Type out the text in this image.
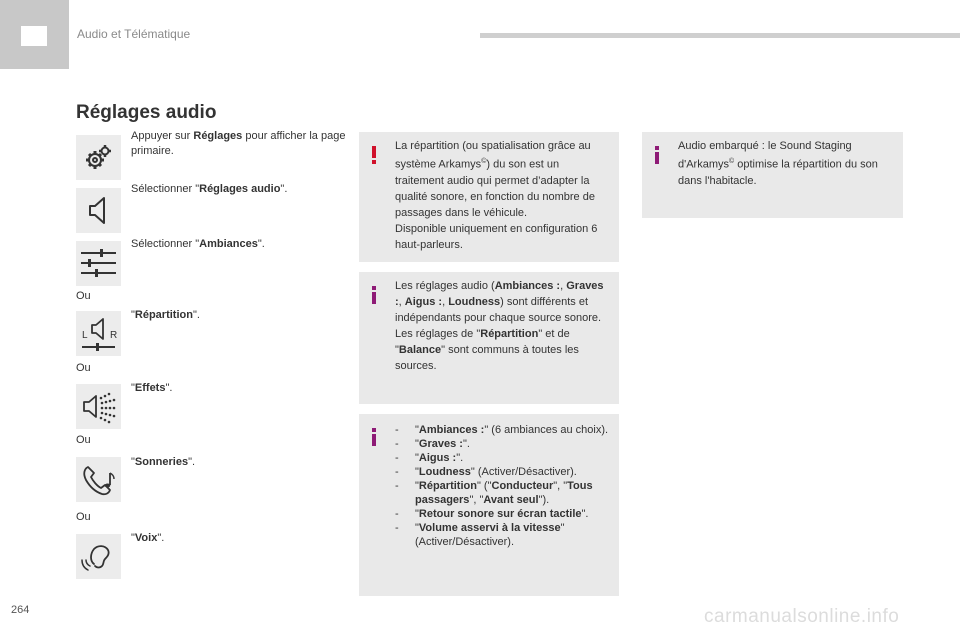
Audio et Télématique
Réglages audio
Appuyer sur Réglages pour afficher la page primaire.
Sélectionner "Réglages audio".
Sélectionner "Ambiances".
Ou
L R
"Répartition".
Ou
"Effets".
Ou
"Sonneries".
Ou
"Voix".
La répartition (ou spatialisation grâce au système Arkamys©) du son est un traitement audio qui permet d’adapter la qualité sonore, en fonction du nombre de passages dans le véhicule.
Disponible uniquement en configuration 6 haut-parleurs.
Audio embarqué : le Sound Staging d'Arkamys© optimise la répartition du son dans l'habitacle.
Les réglages audio (Ambiances :, Graves :, Aigus :, Loudness) sont différents et indépendants pour chaque source sonore.
Les réglages de "Répartition" et de "Balance" sont communs à toutes les sources.
- "Ambiances :" (6 ambiances au choix).
- "Graves :".
- "Aigus :".
- "Loudness" (Activer/Désactiver).
- "Répartition" ("Conducteur", "Tous passagers", "Avant seul").
- "Retour sonore sur écran tactile".
- "Volume asservi à la vitesse" (Activer/Désactiver).
264	carmanualsonline.info
